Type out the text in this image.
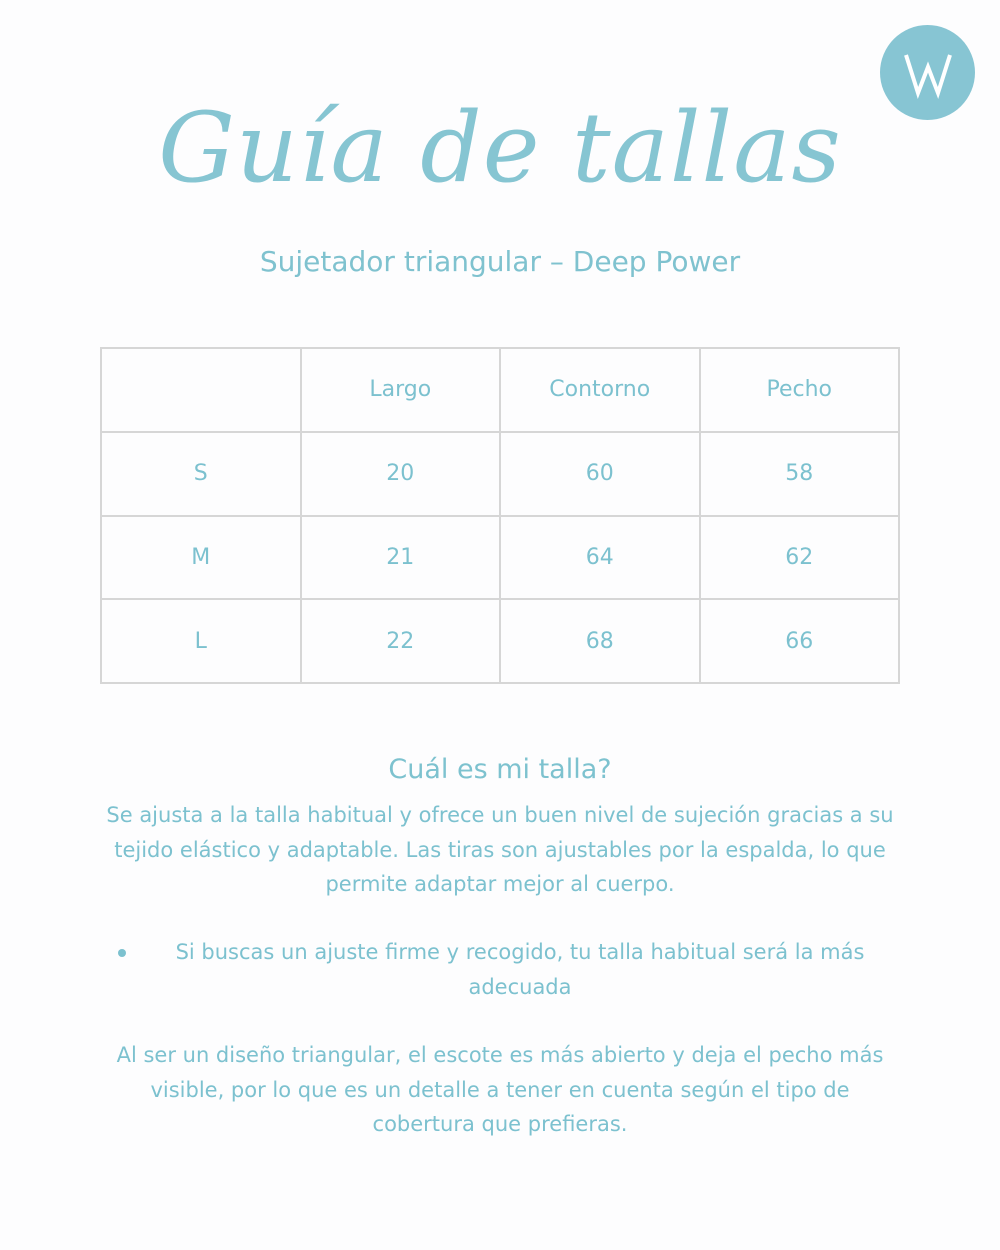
Guía de tallas
Sujetador triangular – Deep Power
	Largo	Contorno	Pecho
S	20	60	58
M	21	64	62
L	22	68	66
Cuál es mi talla?
Se ajusta a la talla habitual y ofrece un buen nivel de sujeción gracias a su tejido elástico y adaptable. Las tiras son ajustables por la espalda, lo que permite adaptar mejor al cuerpo.
Si buscas un ajuste firme y recogido, tu talla habitual será la más adecuada
Al ser un diseño triangular, el escote es más abierto y deja el pecho más visible, por lo que es un detalle a tener en cuenta según el tipo de cobertura que prefieras.
